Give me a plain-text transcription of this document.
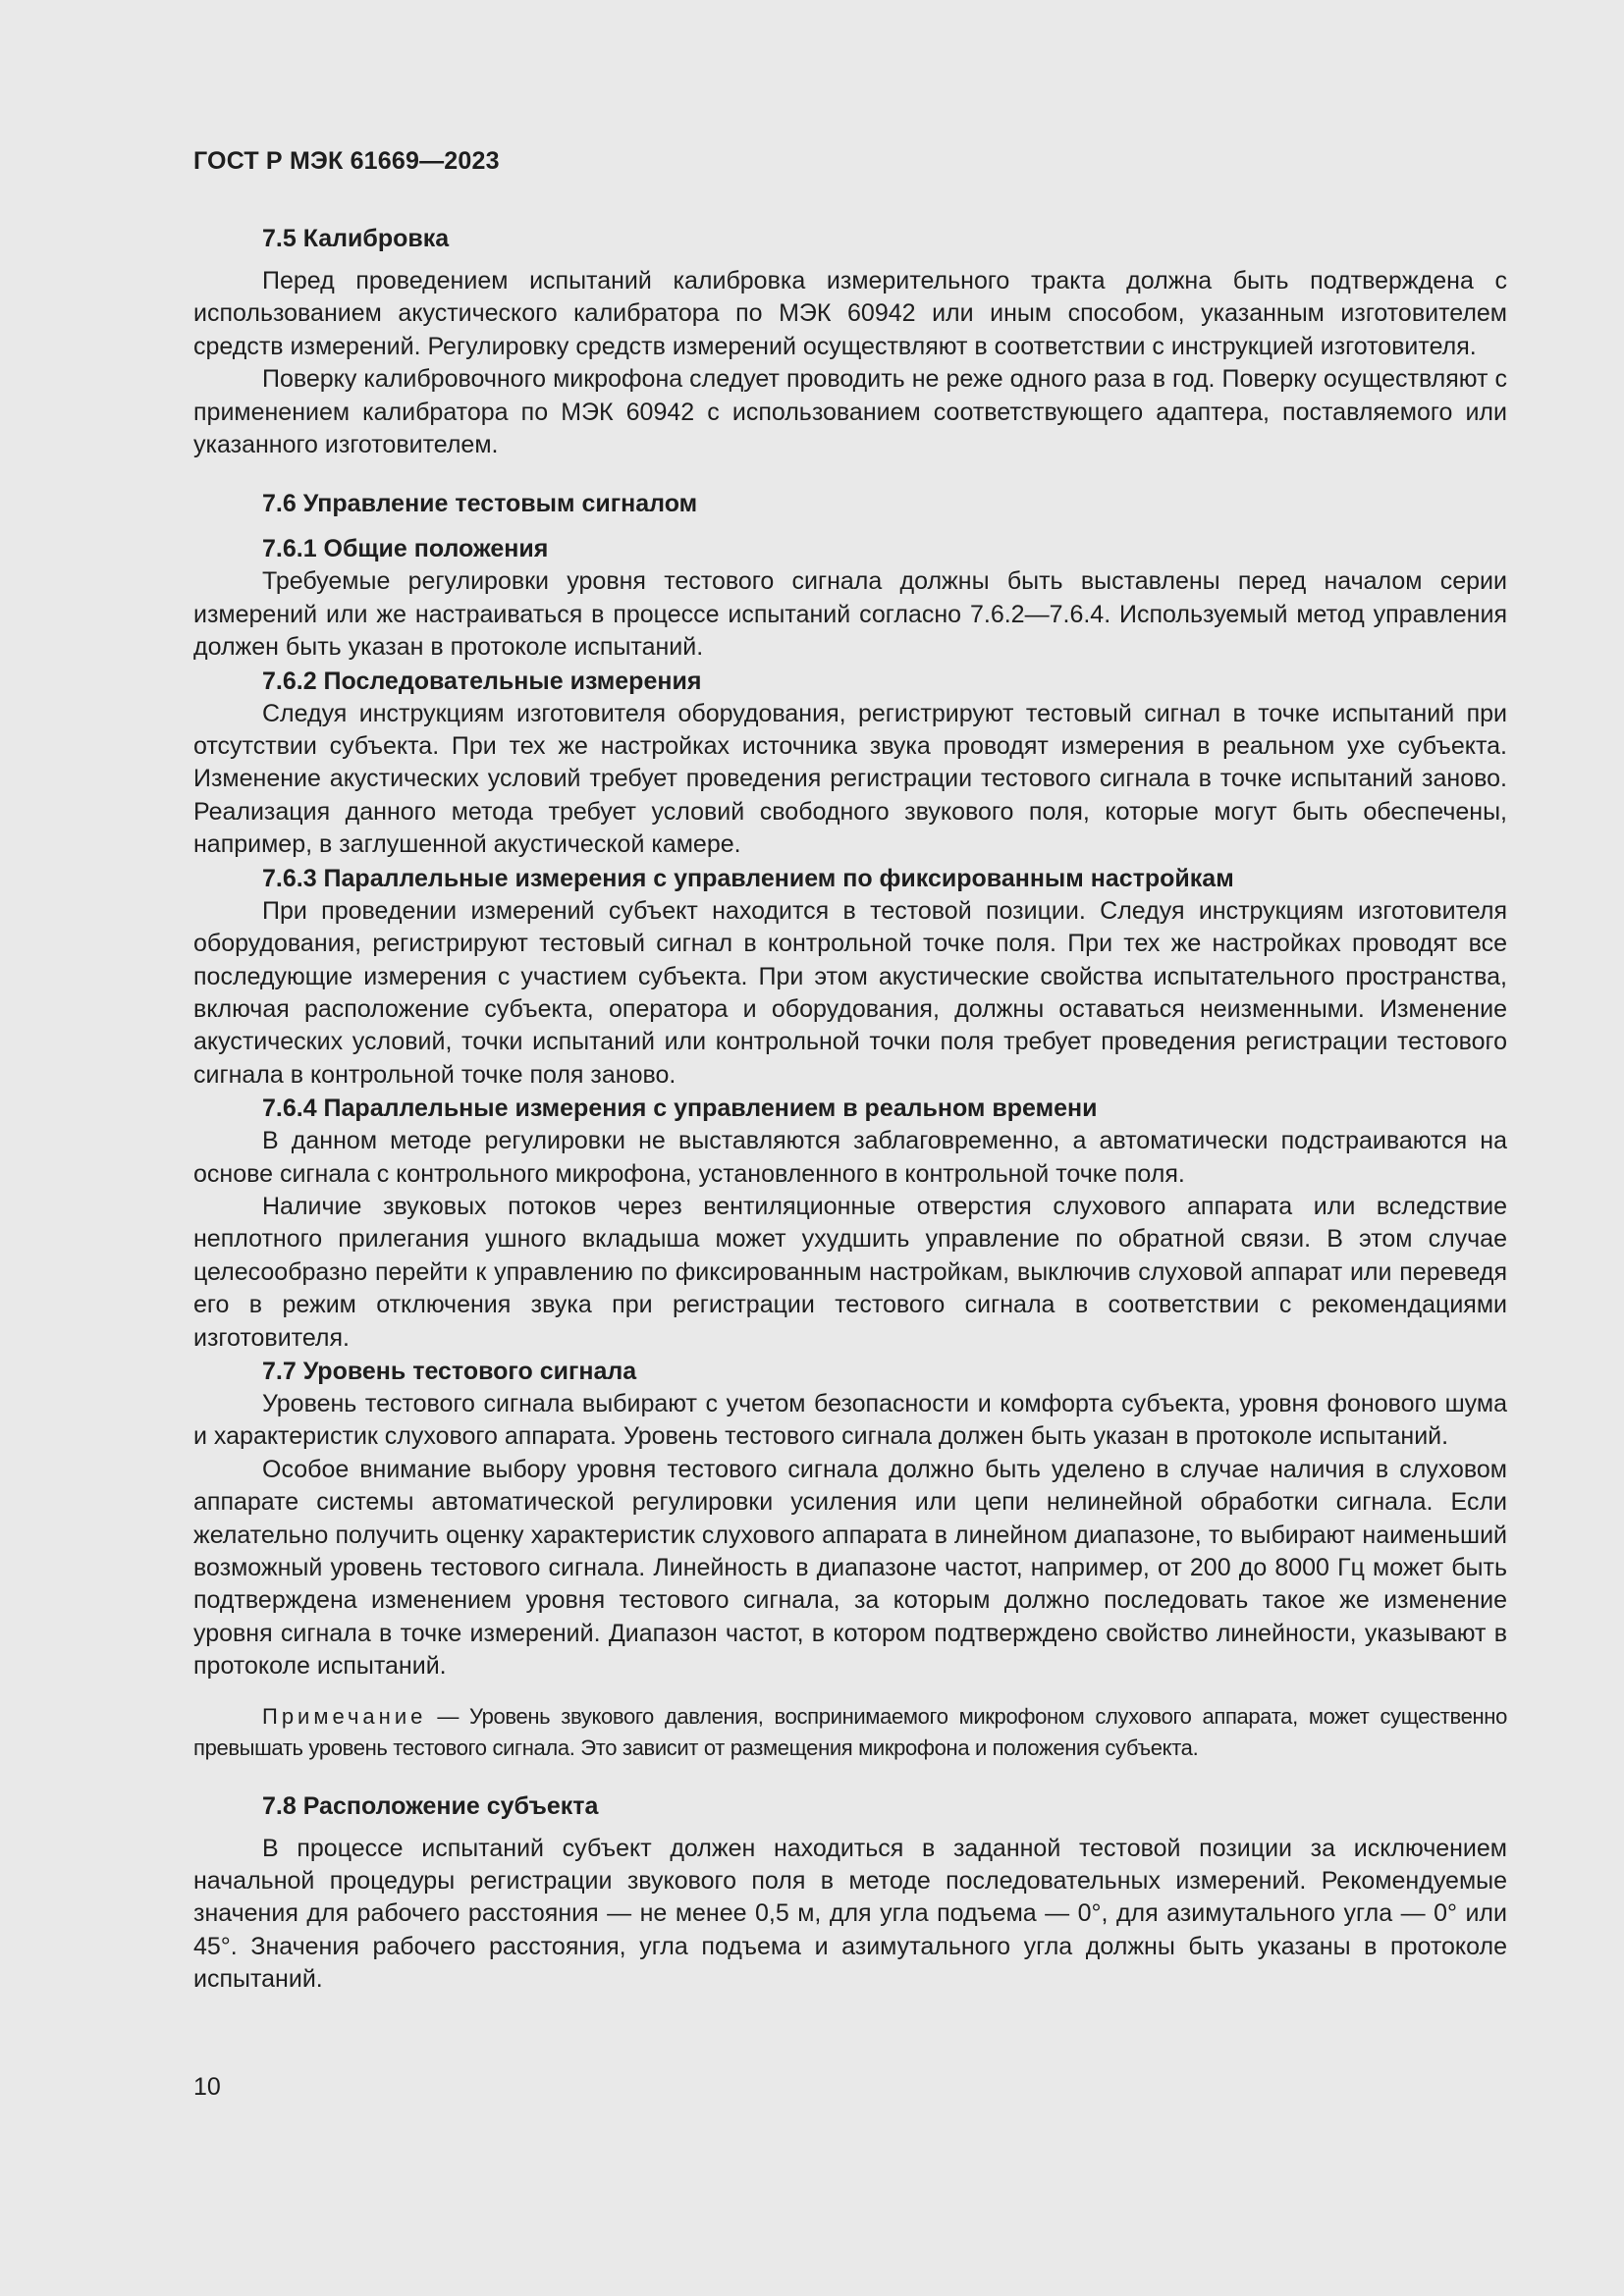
ГОСТ Р МЭК 61669—2023
7.5 Калибровка

Перед проведением испытаний калибровка измерительного тракта должна быть подтверждена с использованием акустического калибратора по МЭК 60942 или иным способом, указанным изготовителем средств измерений. Регулировку средств измерений осуществляют в соответствии с инструкцией изготовителя.

Поверку калибровочного микрофона следует проводить не реже одного раза в год. Поверку осуществляют с применением калибратора по МЭК 60942 с использованием соответствующего адаптера, поставляемого или указанного изготовителем.

7.6 Управление тестовым сигналом
7.6.1 Общие положения

Требуемые регулировки уровня тестового сигнала должны быть выставлены перед началом серии измерений или же настраиваться в процессе испытаний согласно 7.6.2—7.6.4. Используемый метод управления должен быть указан в протоколе испытаний.

7.6.2 Последовательные измерения

Следуя инструкциям изготовителя оборудования, регистрируют тестовый сигнал в точке испытаний при отсутствии субъекта. При тех же настройках источника звука проводят измерения в реальном ухе субъекта. Изменение акустических условий требует проведения регистрации тестового сигнала в точке испытаний заново. Реализация данного метода требует условий свободного звукового поля, которые могут быть обеспечены, например, в заглушенной акустической камере.

7.6.3 Параллельные измерения с управлением по фиксированным настройкам

При проведении измерений субъект находится в тестовой позиции. Следуя инструкциям изготовителя оборудования, регистрируют тестовый сигнал в контрольной точке поля. При тех же настройках проводят все последующие измерения с участием субъекта. При этом акустические свойства испытательного пространства, включая расположение субъекта, оператора и оборудования, должны оставаться неизменными. Изменение акустических условий, точки испытаний или контрольной точки поля требует проведения регистрации тестового сигнала в контрольной точке поля заново.

7.6.4 Параллельные измерения с управлением в реальном времени

В данном методе регулировки не выставляются заблаговременно, а автоматически подстраиваются на основе сигнала с контрольного микрофона, установленного в контрольной точке поля.

Наличие звуковых потоков через вентиляционные отверстия слухового аппарата или вследствие неплотного прилегания ушного вкладыша может ухудшить управление по обратной связи. В этом случае целесообразно перейти к управлению по фиксированным настройкам, выключив слуховой аппарат или переведя его в режим отключения звука при регистрации тестового сигнала в соответствии с рекомендациями изготовителя.

7.7 Уровень тестового сигнала

Уровень тестового сигнала выбирают с учетом безопасности и комфорта субъекта, уровня фонового шума и характеристик слухового аппарата. Уровень тестового сигнала должен быть указан в протоколе испытаний.

Особое внимание выбору уровня тестового сигнала должно быть уделено в случае наличия в слуховом аппарате системы автоматической регулировки усиления или цепи нелинейной обработки сигнала. Если желательно получить оценку характеристик слухового аппарата в линейном диапазоне, то выбирают наименьший возможный уровень тестового сигнала. Линейность в диапазоне частот, например, от 200 до 8000 Гц может быть подтверждена изменением уровня тестового сигнала, за которым должно последовать такое же изменение уровня сигнала в точке измерений. Диапазон частот, в котором подтверждено свойство линейности, указывают в протоколе испытаний.

Примечание — Уровень звукового давления, воспринимаемого микрофоном слухового аппарата, может существенно превышать уровень тестового сигнала. Это зависит от размещения микрофона и положения субъекта.
7.8 Расположение субъекта

В процессе испытаний субъект должен находиться в заданной тестовой позиции за исключением начальной процедуры регистрации звукового поля в методе последовательных измерений. Рекомендуемые значения для рабочего расстояния — не менее 0,5 м, для угла подъема — 0°, для азимутального угла — 0° или 45°. Значения рабочего расстояния, угла подъема и азимутального угла должны быть указаны в протоколе испытаний.

10
